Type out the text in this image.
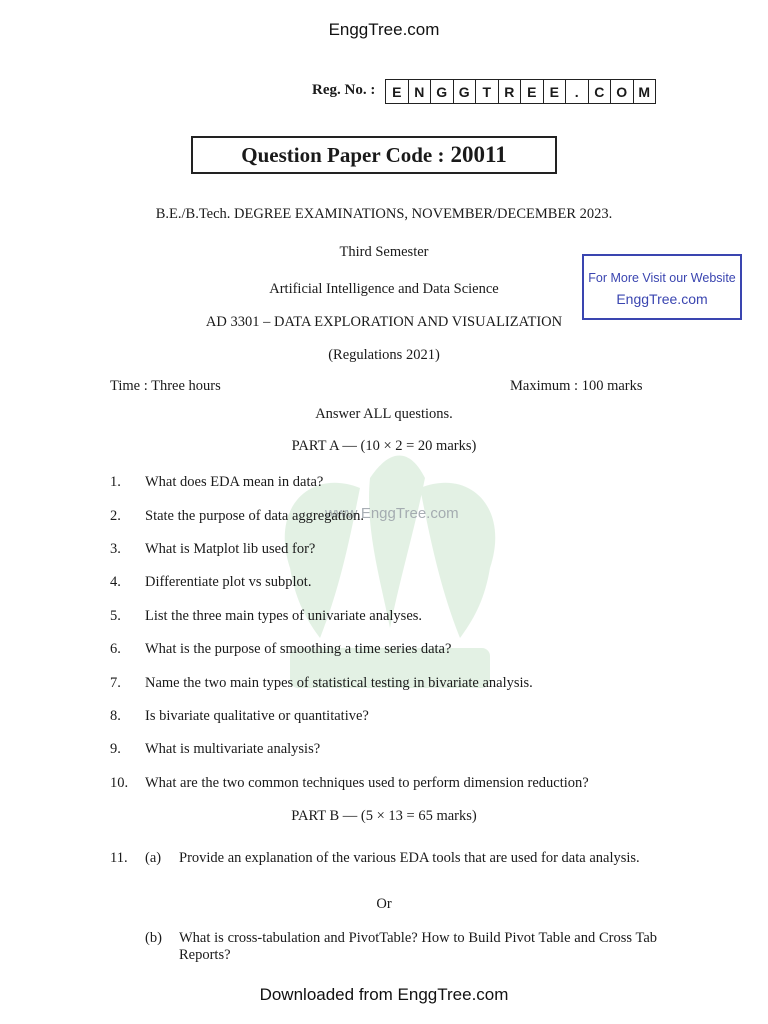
www.EnggTree.com
EnggTree.com
Reg. No. :	E N G G T R E E	.	C O M
Question Paper Code : 20011
B.E./B.Tech. DEGREE EXAMINATIONS, NOVEMBER/DECEMBER 2023.
Third Semester
Artificial Intelligence and Data Science
AD 3301 – DATA EXPLORATION AND VISUALIZATION
(Regulations 2021)
For More Visit our Website
EnggTree.com
Time : Three hours	Maximum : 100 marks
Answer ALL questions.
PART A — (10 × 2 = 20 marks)
1. What does EDA mean in data?
2. State the purpose of data aggregation.
3. What is Matplot lib used for?
4. Differentiate plot vs subplot.
5. List the three main types of univariate analyses.
6. What is the purpose of smoothing a time series data?
7. Name the two main types of statistical testing in bivariate analysis.
8. Is bivariate qualitative or quantitative?
9. What is multivariate analysis?
10. What are the two common techniques used to perform dimension reduction?
PART B — (5 × 13 = 65 marks)
11. (a) Provide an explanation of the various EDA tools that are used for data analysis.
Or
(b) What is cross-tabulation and PivotTable? How to Build Pivot Table and Cross Tab Reports?
Downloaded from EnggTree.com
